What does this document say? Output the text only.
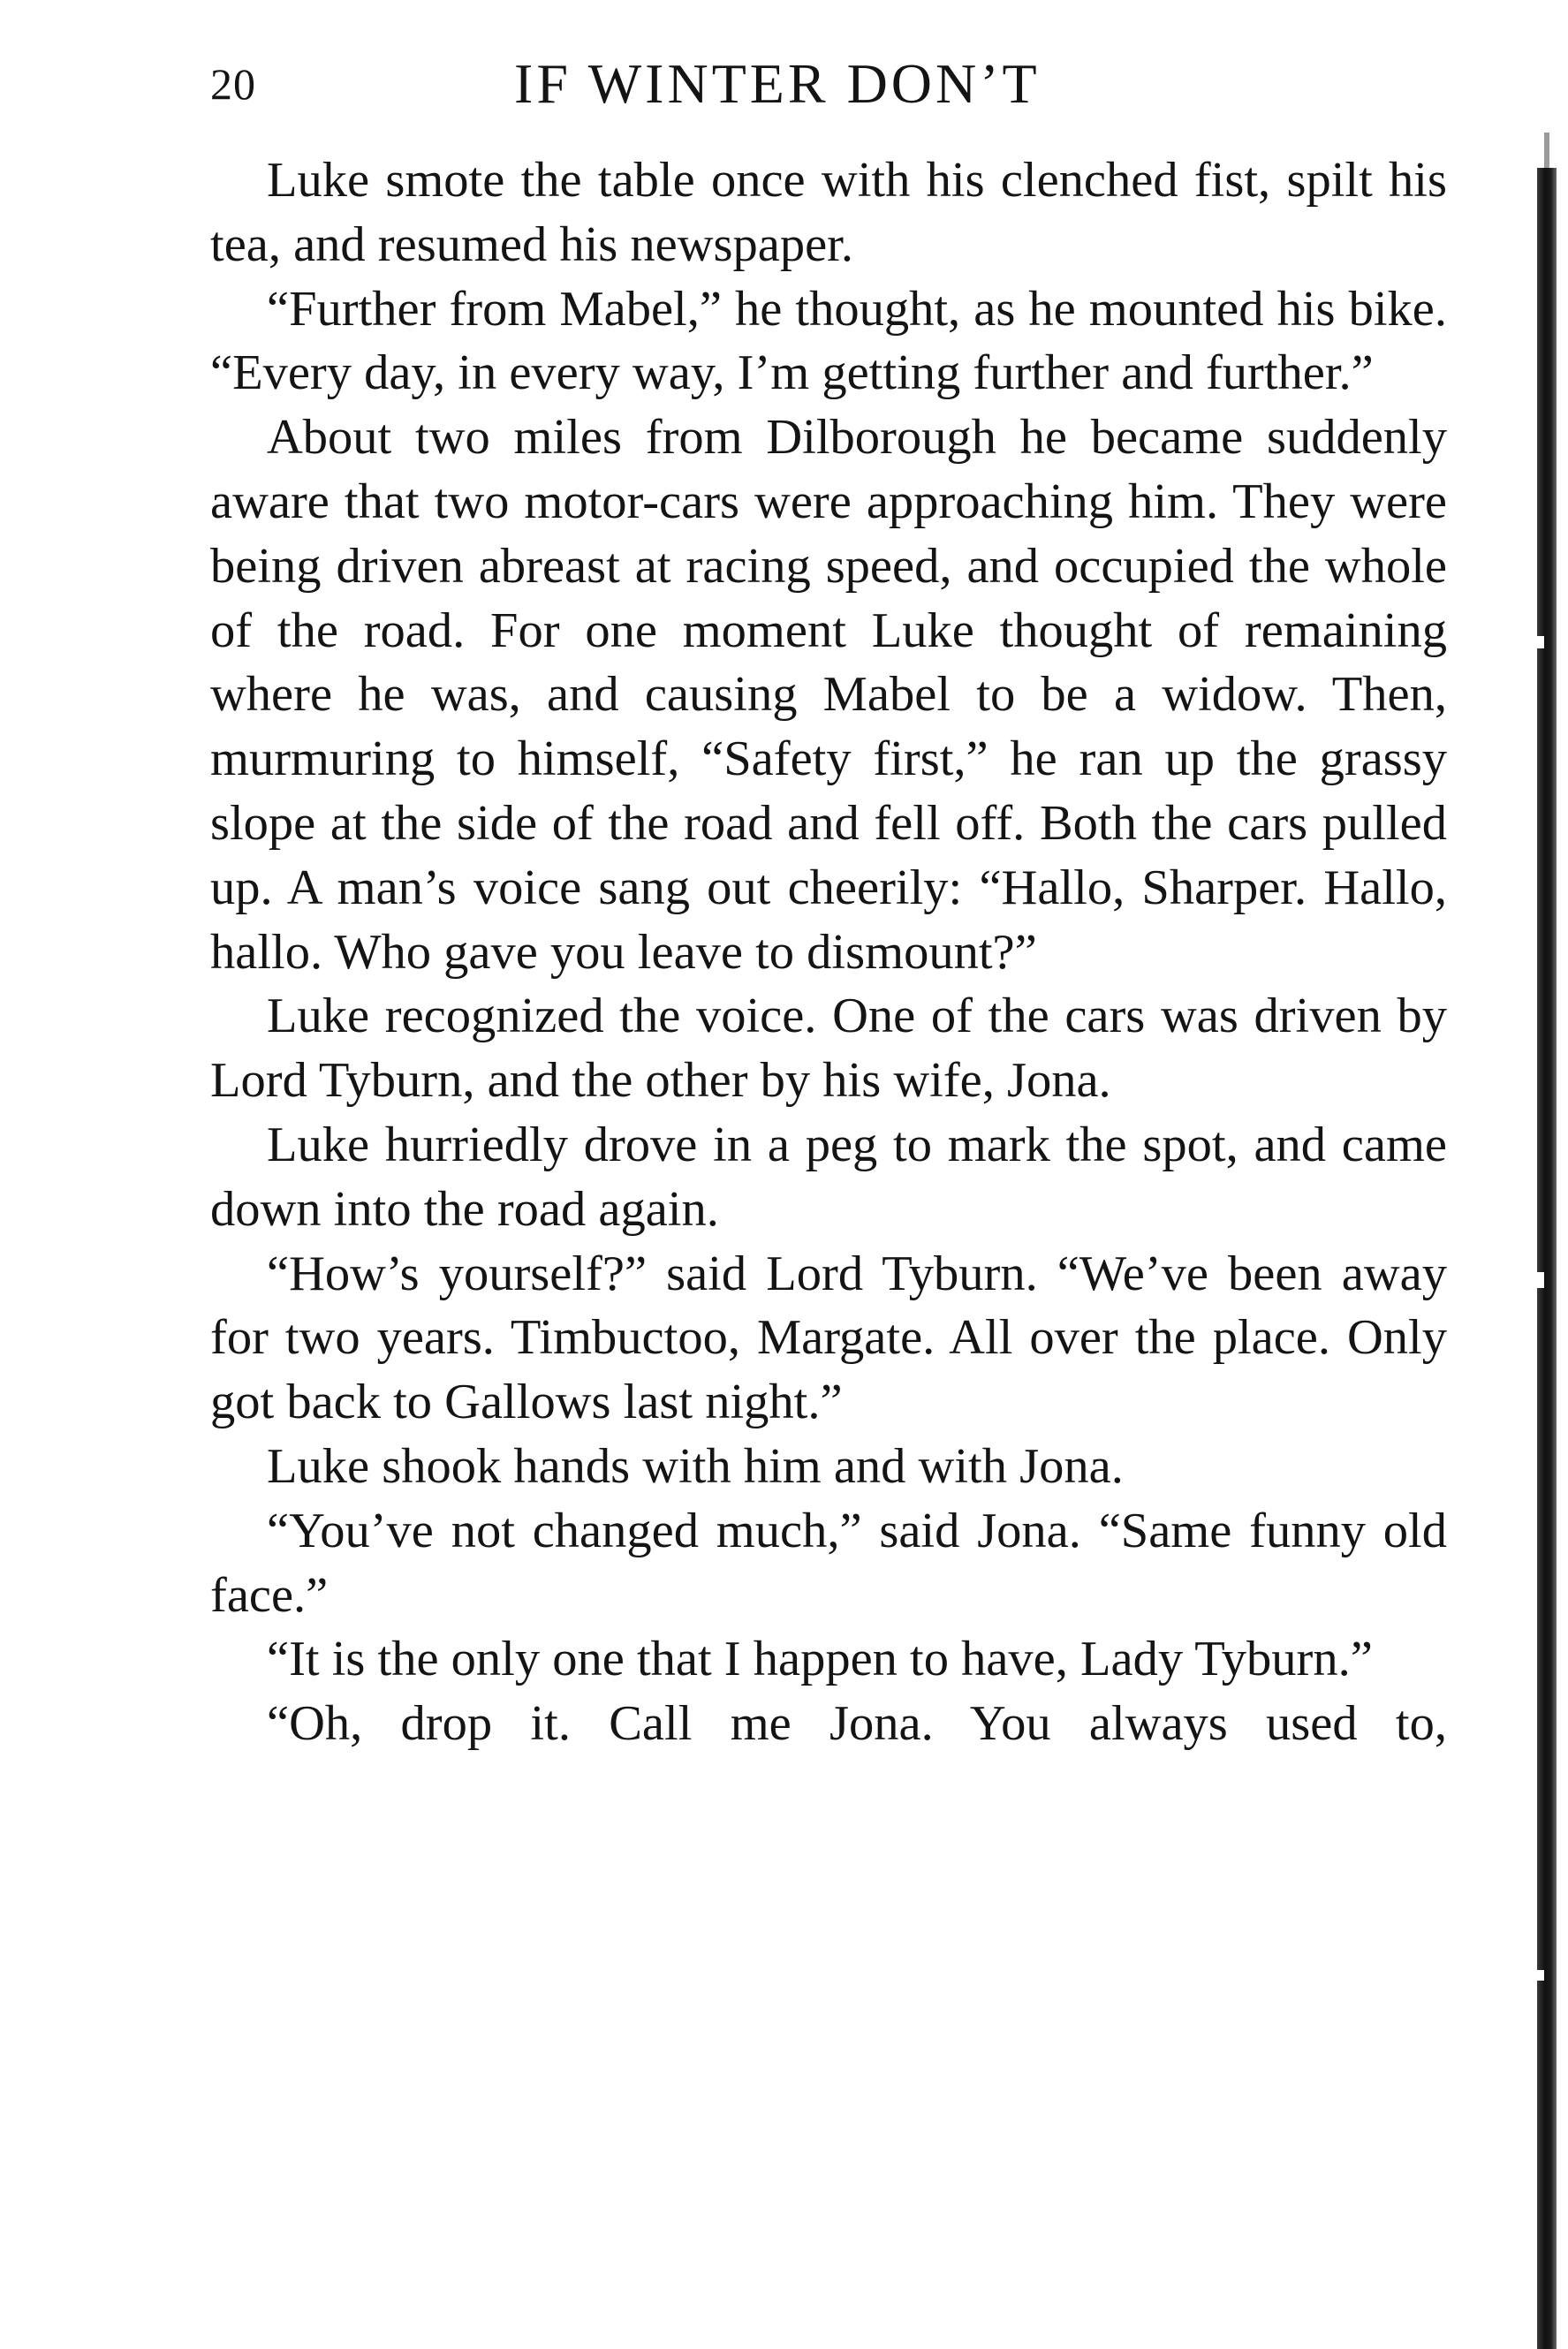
20	IF WINTER DON’T

Luke smote the table once with his clenched fist, spilt his tea, and resumed his newspaper.

“Further from Mabel,” he thought, as he mounted his bike. “Every day, in every way, I’m getting further and further.”

About two miles from Dilborough he became suddenly aware that two motor-cars were approaching him. They were being driven abreast at racing speed, and occupied the whole of the road. For one moment Luke thought of remaining where he was, and causing Mabel to be a widow. Then, murmuring to himself, “Safety first,” he ran up the grassy slope at the side of the road and fell off. Both the cars pulled up. A man’s voice sang out cheerily: “Hallo, Sharper. Hallo, hallo. Who gave you leave to dismount?”

Luke recognized the voice. One of the cars was driven by Lord Tyburn, and the other by his wife, Jona.

Luke hurriedly drove in a peg to mark the spot, and came down into the road again.

“How’s yourself?” said Lord Tyburn. “We’ve been away for two years. Timbuctoo, Margate. All over the place. Only got back to Gallows last night.”

Luke shook hands with him and with Jona.

“You’ve not changed much,” said Jona. “Same funny old face.”

“It is the only one that I happen to have, Lady Tyburn.”

“Oh, drop it. Call me Jona. You always used to,
